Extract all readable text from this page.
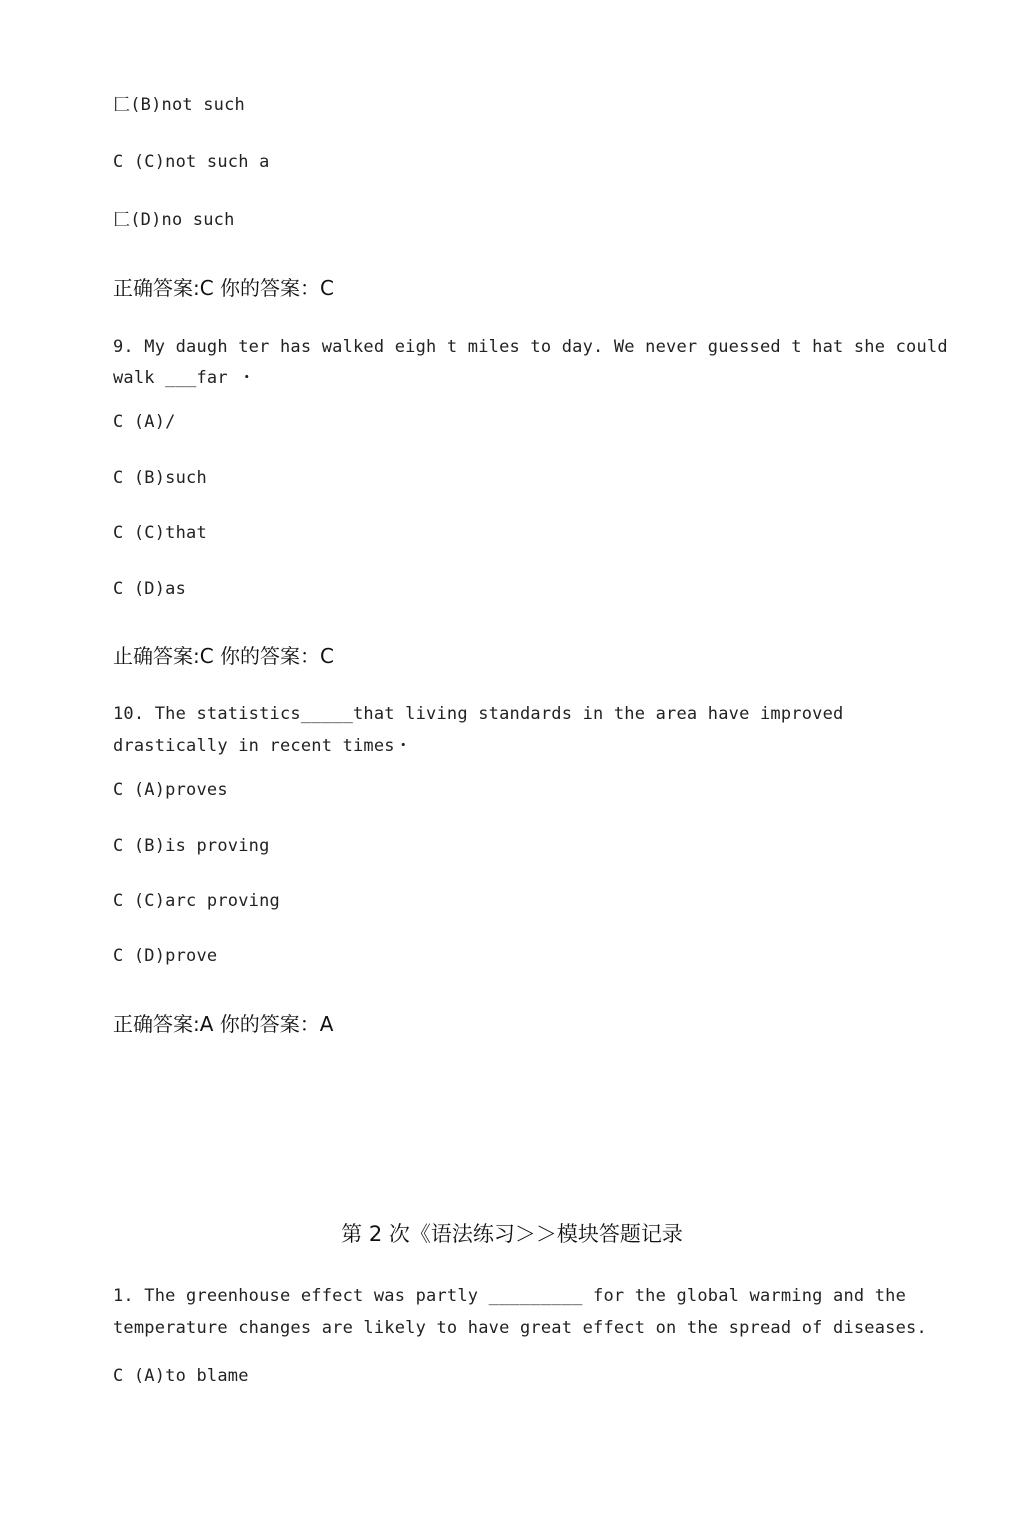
匚(B)not such
C (C)not such a
匚(D)no such
正确答案:C 你的答案：C
9. My daugh ter has walked eigh t miles to day. We never guessed t hat she could
walk ___far ・
C (A)/
C (B)such
C (C)that
C (D)as
止确答案:C 你的答案：C
10. The statistics_____that living standards in the area have improved
drastically in recent times・
C (A)proves
C (B)is proving
C (C)arc proving
C (D)prove
正确答案:A 你的答案：A
第 2 次《语法练习＞＞模块答题记录
1. The greenhouse effect was partly _________ for the global warming and the
temperature changes are likely to have great effect on the spread of diseases.
C (A)to blame
